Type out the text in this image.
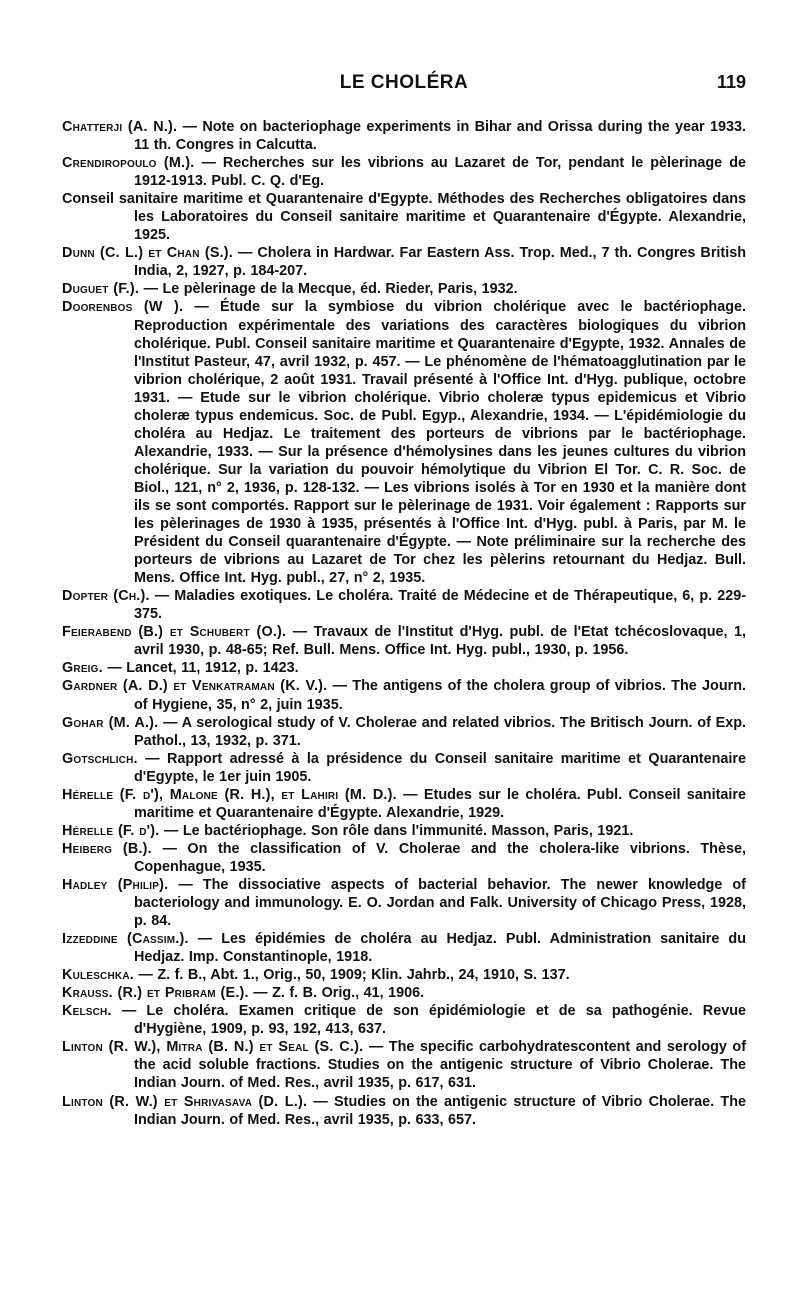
LE CHOLÉRA	119

Chatterji (A. N.). — Note on bacteriophage experiments in Bihar and Orissa during the year 1933. 11 th. Congres in Calcutta.

Crendiropoulo (M.). — Recherches sur les vibrions au Lazaret de Tor, pendant le pèlerinage de 1912-1913. Publ. C. Q. d'Eg.

Conseil sanitaire maritime et Quarantenaire d'Egypte. Méthodes des Recherches obligatoires dans les Laboratoires du Conseil sanitaire maritime et Quarantenaire d'Égypte. Alexandrie, 1925.

Dunn (C. L.) et Chan (S.). — Cholera in Hardwar. Far Eastern Ass. Trop. Med., 7 th. Congres British India, 2, 1927, p. 184-207.

Duguet (F.). — Le pèlerinage de la Mecque, éd. Rieder, Paris, 1932.

Doorenbos (W ). — Étude sur la symbiose du vibrion cholérique avec le bactériophage. Reproduction expérimentale des variations des caractères biologiques du vibrion cholérique. Publ. Conseil sanitaire maritime et Quarantenaire d'Egypte, 1932. Annales de l'Institut Pasteur, 47, avril 1932, p. 457. — Le phénomène de l'hématoagglutination par le vibrion cholérique, 2 août 1931. Travail présenté à l'Office Int. d'Hyg. publique, octobre 1931. — Etude sur le vibrion cholérique. Vibrio choleræ typus epidemicus et Vibrio choleræ typus endemicus. Soc. de Publ. Egyp., Alexandrie, 1934. — L'épidémiologie du choléra au Hedjaz. Le traitement des porteurs de vibrions par le bactériophage. Alexandrie, 1933. — Sur la présence d'hémolysines dans les jeunes cultures du vibrion cholérique. Sur la variation du pouvoir hémolytique du Vibrion El Tor. C. R. Soc. de Biol., 121, n° 2, 1936, p. 128-132. — Les vibrions isolés à Tor en 1930 et la manière dont ils se sont comportés. Rapport sur le pèlerinage de 1931. Voir également : Rapports sur les pèlerinages de 1930 à 1935, présentés à l'Office Int. d'Hyg. publ. à Paris, par M. le Président du Conseil quarantenaire d'Égypte. — Note préliminaire sur la recherche des porteurs de vibrions au Lazaret de Tor chez les pèlerins retournant du Hedjaz. Bull. Mens. Office Int. Hyg. publ., 27, n° 2, 1935.

Dopter (Ch.). — Maladies exotiques. Le choléra. Traité de Médecine et de Thérapeutique, 6, p. 229-375.

Feierabend (B.) et Schubert (O.). — Travaux de l'Institut d'Hyg. publ. de l'Etat tchécoslovaque, 1, avril 1930, p. 48-65; Ref. Bull. Mens. Office Int. Hyg. publ., 1930, p. 1956.

Greig. — Lancet, 11, 1912, p. 1423.

Gardner (A. D.) et Venkatraman (K. V.). — The antigens of the cholera group of vibrios. The Journ. of Hygiene, 35, n° 2, juin 1935.

Gohar (M. A.). — A serological study of V. Cholerae and related vibrios. The Britisch Journ. of Exp. Pathol., 13, 1932, p. 371.

Gotschlich. — Rapport adressé à la présidence du Conseil sanitaire maritime et Quarantenaire d'Egypte, le 1er juin 1905.

Hérelle (F. d'), Malone (R. H.), et Lahiri (M. D.). — Etudes sur le choléra. Publ. Conseil sanitaire maritime et Quarantenaire d'Égypte. Alexandrie, 1929.

Hérelle (F. d'). — Le bactériophage. Son rôle dans l'immunité. Masson, Paris, 1921.

Heiberg (B.). — On the classification of V. Cholerae and the cholera-like vibrions. Thèse, Copenhague, 1935.

Hadley (Philip). — The dissociative aspects of bacterial behavior. The newer knowledge of bacteriology and immunology. E. O. Jordan and Falk. University of Chicago Press, 1928, p. 84.

Izzeddine (Cassim.). — Les épidémies de choléra au Hedjaz. Publ. Administration sanitaire du Hedjaz. Imp. Constantinople, 1918.

Kuleschka. — Z. f. B., Abt. 1., Orig., 50, 1909; Klin. Jahrb., 24, 1910, S. 137.

Krauss. (R.) et Pribram (E.). — Z. f. B. Orig., 41, 1906.

Kelsch. — Le choléra. Examen critique de son épidémiologie et de sa pathogénie. Revue d'Hygiène, 1909, p. 93, 192, 413, 637.

Linton (R. W.), Mitra (B. N.) et Seal (S. C.). — The specific carbohydratescontent and serology of the acid soluble fractions. Studies on the antigenic structure of Vibrio Cholerae. The Indian Journ. of Med. Res., avril 1935, p. 617, 631.

Linton (R. W.) et Shrivasava (D. L.). — Studies on the antigenic structure of Vibrio Cholerae. The Indian Journ. of Med. Res., avril 1935, p. 633, 657.
